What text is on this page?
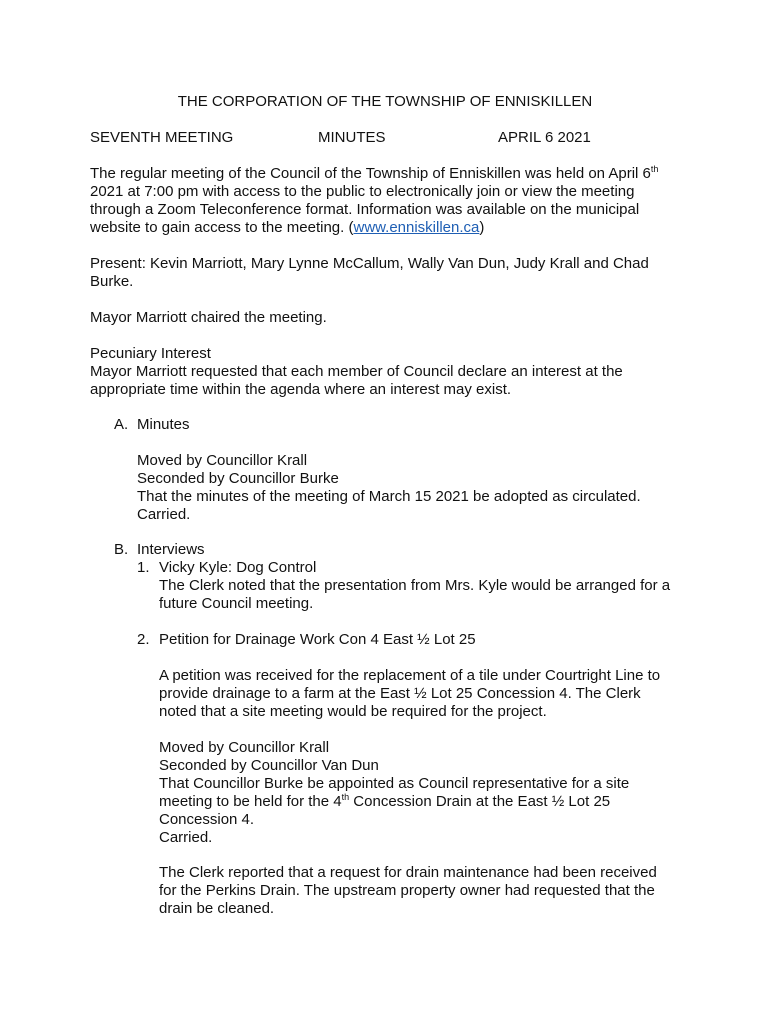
THE CORPORATION OF THE TOWNSHIP OF ENNISKILLEN
SEVENTH MEETING	MINUTES	APRIL 6 2021
The regular meeting of the Council of the Township of Enniskillen was held on April 6th
2021 at 7:00 pm with access to the public to electronically join or view the meeting
through a Zoom Teleconference format. Information was available on the municipal
website to gain access to the meeting. (www.enniskillen.ca)
Present: Kevin Marriott, Mary Lynne McCallum, Wally Van Dun, Judy Krall and Chad
Burke.
Mayor Marriott chaired the meeting.
Pecuniary Interest
Mayor Marriott requested that each member of Council declare an interest at the
appropriate time within the agenda where an interest may exist.
A. Minutes
Moved by Councillor Krall
Seconded by Councillor Burke
That the minutes of the meeting of March 15 2021 be adopted as circulated.
Carried.
B. Interviews
1. Vicky Kyle: Dog Control
The Clerk noted that the presentation from Mrs. Kyle would be arranged for a
future Council meeting.
2. Petition for Drainage Work Con 4 East ½ Lot 25
A petition was received for the replacement of a tile under Courtright Line to
provide drainage to a farm at the East ½ Lot 25 Concession 4. The Clerk
noted that a site meeting would be required for the project.
Moved by Councillor Krall
Seconded by Councillor Van Dun
That Councillor Burke be appointed as Council representative for a site
meeting to be held for the 4th Concession Drain at the East ½ Lot 25
Concession 4.
Carried.
The Clerk reported that a request for drain maintenance had been received
for the Perkins Drain. The upstream property owner had requested that the
drain be cleaned.
